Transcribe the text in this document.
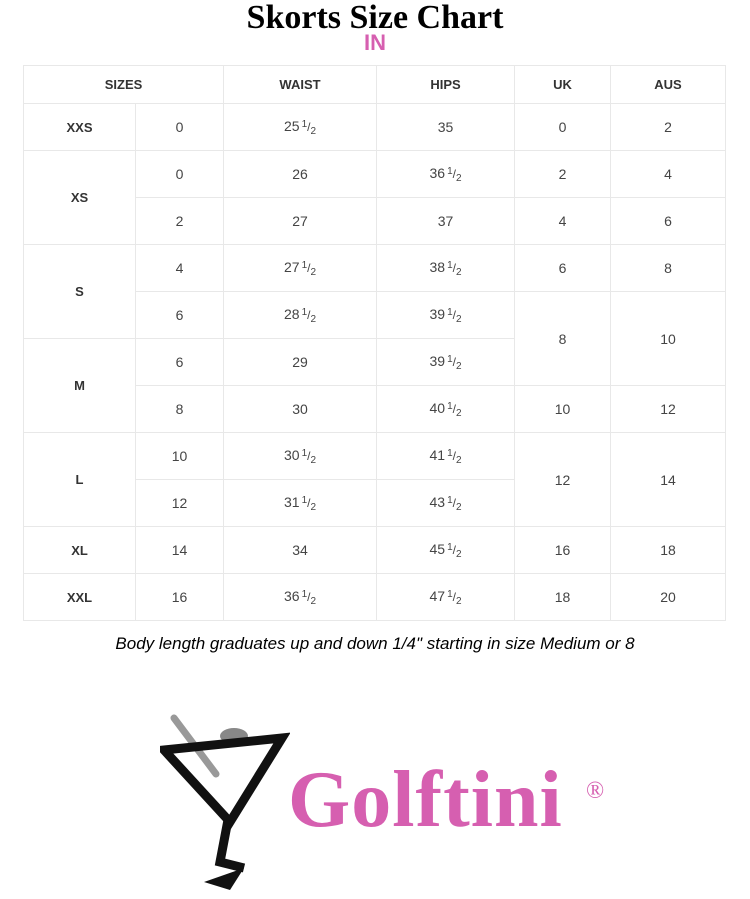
Skorts Size Chart
IN
SIZES		WAIST	HIPS	UK	AUS
XXS	0	25 $^1/_2$	35	0	2
XS	0	26	36 $^1/_2$	2	4
	2	27	37	4	6
S	4	27 $^1/_2$	38 $^1/_2$	6	8
	6	28 $^1/_2$	39 $^1/_2$	8	10
M	6	29	39 $^1/_2$
	8	30	40 $^1/_2$	10	12
L	10	30 $^1/_2$	41 $^1/_2$	12	14
	12	31 $^1/_2$	43 $^1/_2$
XL	14	34	45 $^1/_2$	16	18
XXL	16	36 $^1/_2$	47 $^1/_2$	18	20
Body length graduates up and down 1/4" starting in size Medium or 8
Golftini ®
